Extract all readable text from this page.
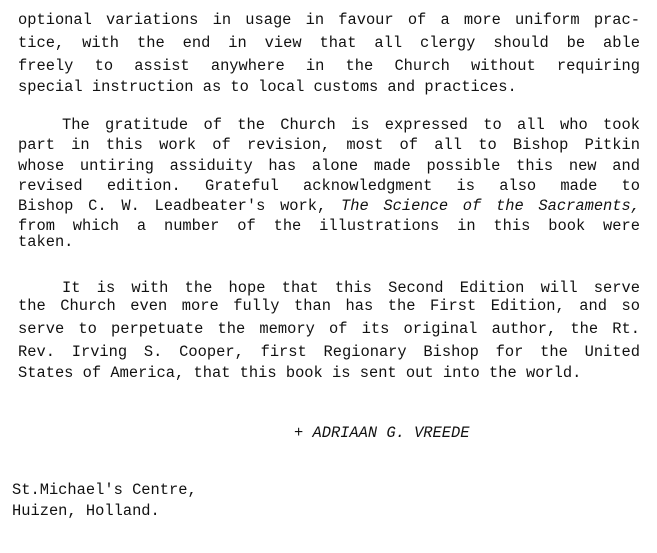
optional variations in usage in favour of a more uniform prac-
tice, with the end in view that all clergy should be able
freely to assist anywhere in the Church without requiring
special instruction as to local customs and practices.
The gratitude of the Church is expressed to all who took
part in this work of revision, most of all to Bishop Pitkin
whose untiring assiduity has alone made possible this new and
revised edition. Grateful acknowledgment is also made to
Bishop C. W. Leadbeater's work, The Science of the Sacraments,
from which a number of the illustrations in this book were
taken.
It is with the hope that this Second Edition will serve
the Church even more fully than has the First Edition, and so
serve to perpetuate the memory of its original author, the Rt.
Rev. Irving S. Cooper, first Regionary Bishop for the United
States of America, that this book is sent out into the world.
+ ADRIAAN G. VREEDE
St.Michael's Centre,
Huizen, Holland.
